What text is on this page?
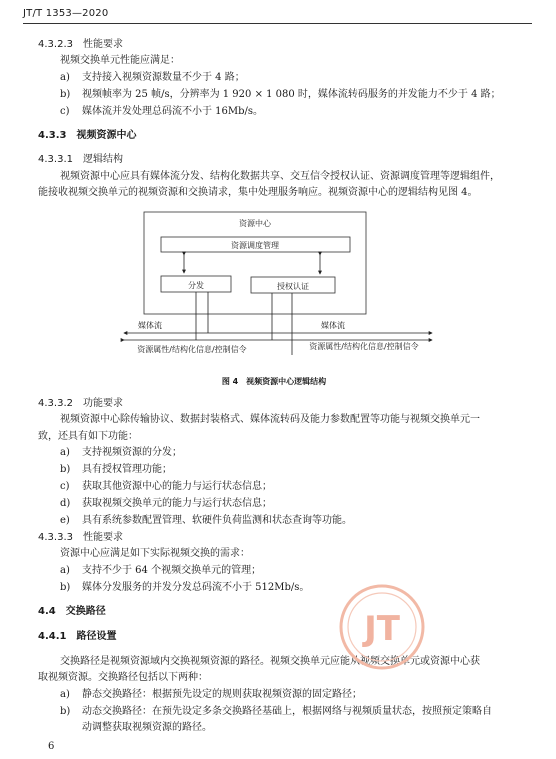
JT/T 1353—2020
4.3.2.3 性能要求
视频交换单元性能应满足：
a) 支持接入视频资源数量不少于 4 路；
b) 视频帧率为 25 帧/s，分辨率为 1 920 × 1 080 时，媒体流转码服务的并发能力不少于 4 路；
c) 媒体流并发处理总码流不小于 16Mb/s。
4.3.3 视频资源中心
4.3.3.1 逻辑结构
视频资源中心应具有媒体流分发、结构化数据共享、交互信令授权认证、资源调度管理等逻辑组件，
能接收视频交换单元的视频资源和交换请求，集中处理服务响应。视频资源中心的逻辑结构见图 4。
资源中心
资源调度管理
分发	授权认证
媒体流	媒体流
资源属性/结构化信息/控制信令	资源属性/结构化信息/控制信令
图 4 视频资源中心逻辑结构
4.3.3.2 功能要求
视频资源中心除传输协议、数据封装格式、媒体流转码及能力参数配置等功能与视频交换单元一
致，还具有如下功能：
a) 支持视频资源的分发；
b) 具有授权管理功能；
c) 获取其他资源中心的能力与运行状态信息；
d) 获取视频交换单元的能力与运行状态信息；
e) 具有系统参数配置管理、软硬件负荷监测和状态查询等功能。
4.3.3.3 性能要求
资源中心应满足如下实际视频交换的需求：
a) 支持不少于 64 个视频交换单元的管理；
b) 媒体分发服务的并发分发总码流不小于 512Mb/s。
4.4 交换路径
4.4.1 路径设置
交换路径是视频资源域内交换视频资源的路径。视频交换单元应能从视频交换单元或资源中心获
取视频资源。交换路径包括以下两种：
a) 静态交换路径：根据预先设定的规则获取视频资源的固定路径；
b) 动态交换路径：在预先设定多条交换路径基础上，根据网络与视频质量状态，按照预定策略自
动调整获取视频资源的路径。
JT
6
